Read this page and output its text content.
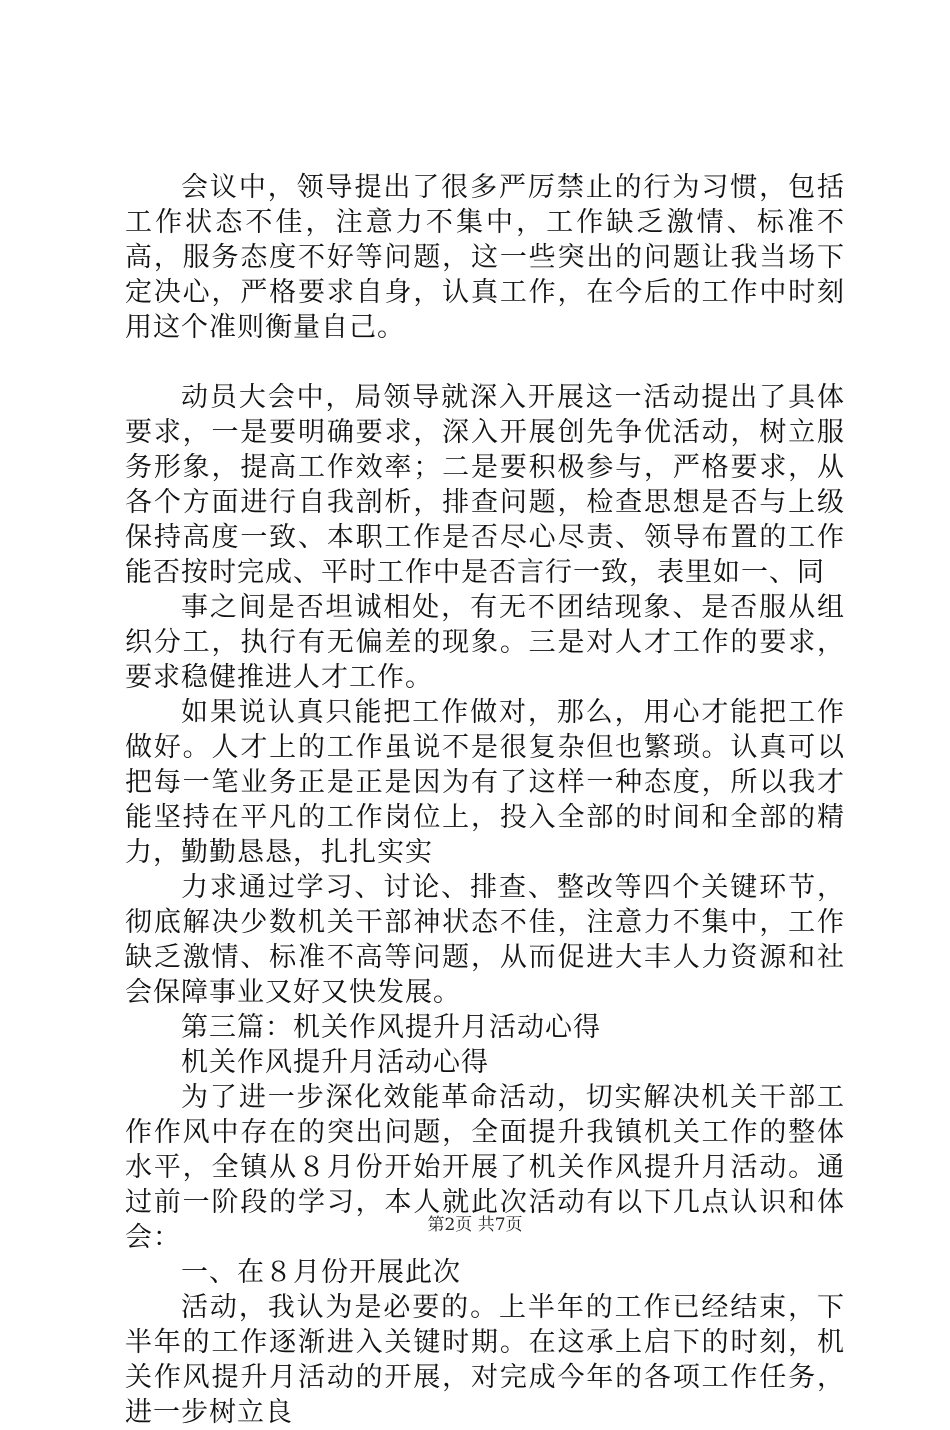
会议中，领导提出了很多严厉禁止的行为习惯，包括工作状态不佳，注意力不集中，工作缺乏激情、标准不高，服务态度不好等问题，这一些突出的问题让我当场下定决心，严格要求自身，认真工作，在今后的工作中时刻用这个准则衡量自己。

动员大会中，局领导就深入开展这一活动提出了具体要求，一是要明确要求，深入开展创先争优活动，树立服务形象，提高工作效率；二是要积极参与，严格要求，从各个方面进行自我剖析，排查问题，检查思想是否与上级保持高度一致、本职工作是否尽心尽责、领导布置的工作能否按时完成、平时工作中是否言行一致，表里如一、同

事之间是否坦诚相处，有无不团结现象、是否服从组织分工，执行有无偏差的现象。三是对人才工作的要求，要求稳健推进人才工作。

如果说认真只能把工作做对，那么，用心才能把工作做好。人才上的工作虽说不是很复杂但也繁琐。认真可以把每一笔业务正是正是因为有了这样一种态度，所以我才能坚持在平凡的工作岗位上，投入全部的时间和全部的精力，勤勤恳恳，扎扎实实

力求通过学习、讨论、排查、整改等四个关键环节，彻底解决少数机关干部神状态不佳，注意力不集中，工作缺乏激情、标准不高等问题，从而促进大丰人力资源和社会保障事业又好又快发展。

第三篇：机关作风提升月活动心得

机关作风提升月活动心得

为了进一步深化效能革命活动，切实解决机关干部工作作风中存在的突出问题，全面提升我镇机关工作的整体水平，全镇从８月份开始开展了机关作风提升月活动。通过前一阶段的学习，本人就此次活动有以下几点认识和体会：

一、在８月份开展此次

活动，我认为是必要的。上半年的工作已经结束，下半年的工作逐渐进入关键时期。在这承上启下的时刻，机关作风提升月活动的开展，对完成今年的各项工作任务，进一步树立良

第2页 共7页
